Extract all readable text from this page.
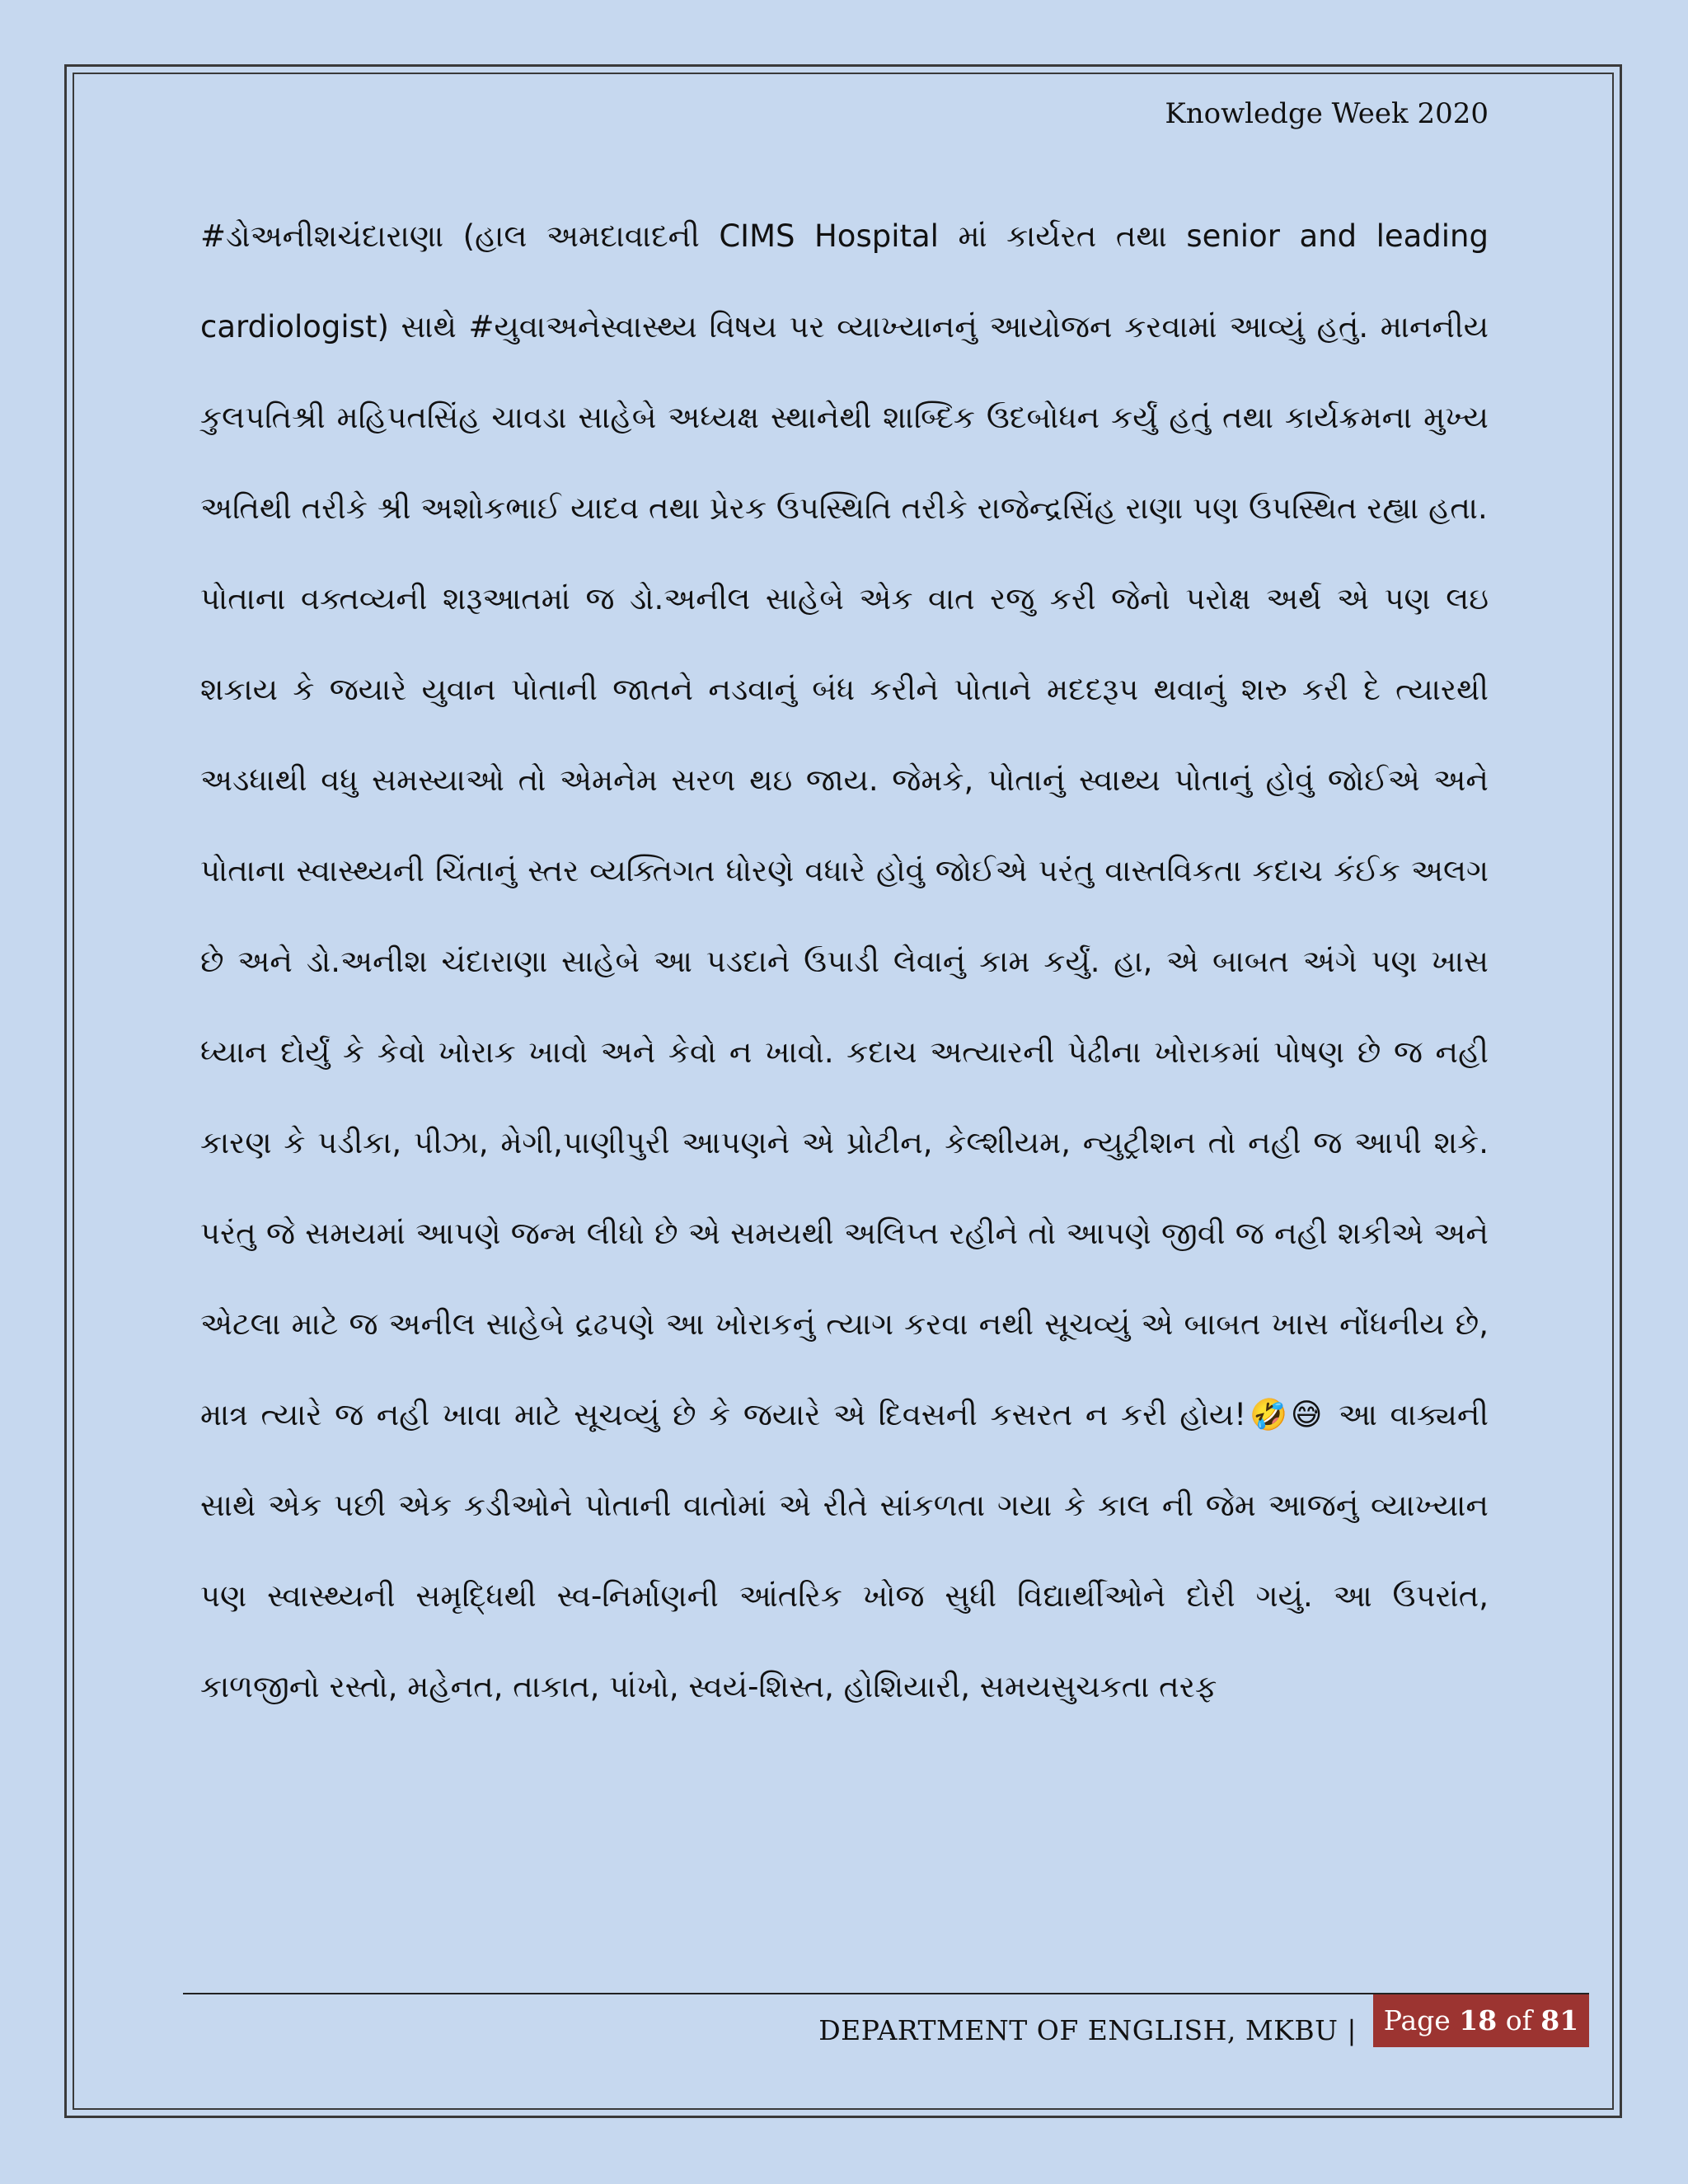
Knowledge Week 2020

#ડોઅનીશચંદારાણા (હાલ અમદાવાદની CIMS Hospital માં કાર્યરત તથા senior and leading cardiologist) સાથે #યુવાઅનેસ્વાસ્થ્ય વિષય પર વ્યાખ્યાનનું આયોજન કરવામાં આવ્યું હતું. માનનીય કુલપતિશ્રી મહિપતસિંહ ચાવડા સાહેબે અધ્યક્ષ સ્થાનેથી શાબ્દિક ઉદબોધન કર્યું હતું તથા કાર્યક્રમના મુખ્ય અતિથી તરીકે શ્રી અશોકભાઈ યાદવ તથા પ્રેરક ઉપસ્થિતિ તરીકે રાજેન્દ્રસિંહ રાણા પણ ઉપસ્થિત રહ્યા હતા.

પોતાના વક્તવ્યની શરૂઆતમાં જ ડો.અનીલ સાહેબે એક વાત રજુ કરી જેનો પરોક્ષ અર્થ એ પણ લઇ શકાય કે જયારે યુવાન પોતાની જાતને નડવાનું બંધ કરીને પોતાને મદદરૂપ થવાનું શરુ કરી દે ત્યારથી અડધાથી વધુ સમસ્યાઓ તો એમનેમ સરળ થઇ જાય. જેમકે, પોતાનું સ્વાથ્ય પોતાનું હોવું જોઈએ અને પોતાના સ્વાસ્થ્યની ચિંતાનું સ્તર વ્યક્તિગત ધોરણે વધારે હોવું જોઈએ પરંતુ વાસ્તવિકતા કદાચ કંઈક અલગ છે અને ડો.અનીશ ચંદારાણા સાહેબે આ પડદાને ઉપાડી લેવાનું કામ કર્યું. હા, એ બાબત અંગે પણ ખાસ ધ્યાન દોર્યું કે કેવો ખોરાક ખાવો અને કેવો ન ખાવો. કદાચ અત્યારની પેઢીના ખોરાકમાં પોષણ છે જ નહી કારણ કે પડીકા, પીઝા, મેગી,પાણીપુરી આપણને એ પ્રોટીન, કેલ્શીયમ, ન્યુટ્રીશન તો નહી જ આપી શકે. પરંતુ જે સમયમાં આપણે જન્મ લીધો છે એ સમયથી અલિપ્ત રહીને તો આપણે જીવી જ નહી શકીએ અને એટલા માટે જ અનીલ સાહેબે દ્રઢપણે આ ખોરાકનું ત્યાગ કરવા નથી સૂચવ્યું એ બાબત ખાસ નોંધનીય છે, માત્ર ત્યારે જ નહી ખાવા માટે સૂચવ્યું છે કે જયારે એ દિવસની કસરત ન કરી હોય!🤣😅 આ વાક્યની સાથે એક પછી એક કડીઓને પોતાની વાતોમાં એ રીતે સાંકળતા ગયા કે કાલ ની જેમ આજનું વ્યાખ્યાન પણ સ્વાસ્થ્યની સમૃદ્ધિથી સ્વ-નિર્માણની આંતરિક ખોજ સુધી વિદ્યાર્થીઓને દોરી ગયું. આ ઉપરાંત, કાળજીનો રસ્તો, મહેનત, તાકાત, પાંખો, સ્વયં-શિસ્ત, હોશિયારી, સમયસુચકતા તરફ

DEPARTMENT OF ENGLISH, MKBU | Page 18 of 81
